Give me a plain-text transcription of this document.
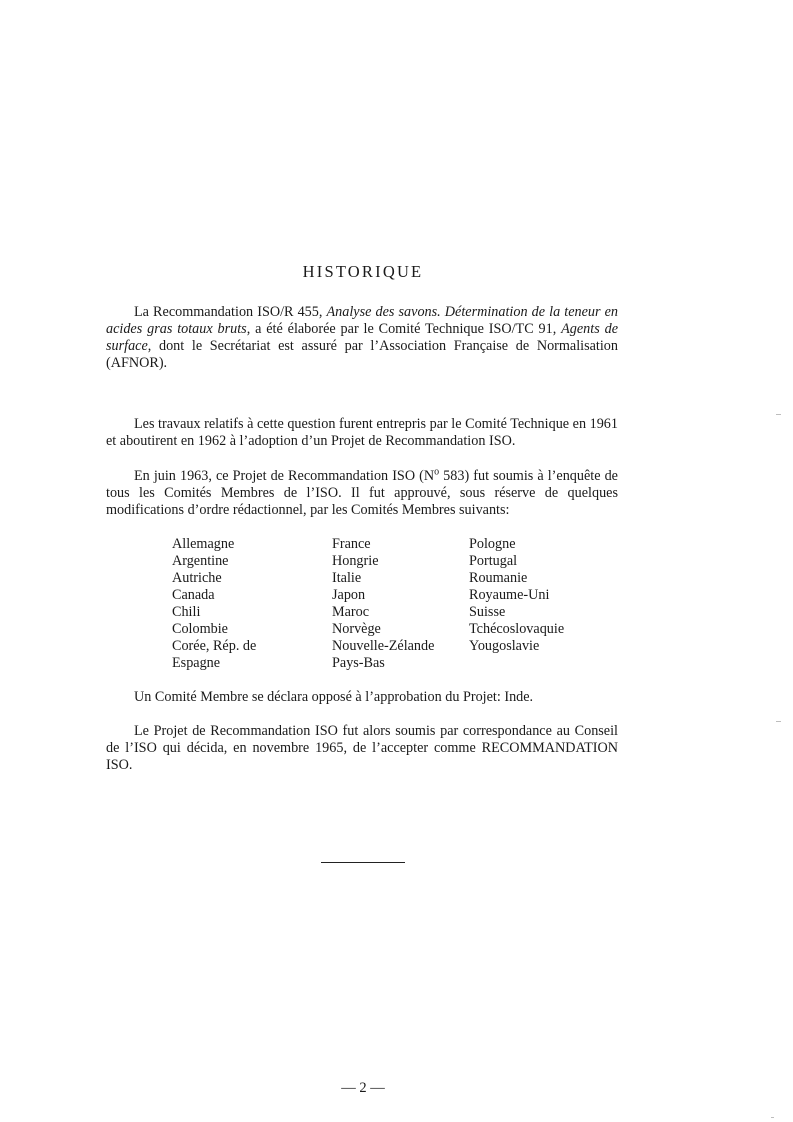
HISTORIQUE

La Recommandation ISO/R 455, Analyse des savons. Détermination de la teneur en acides gras totaux bruts, a été élaborée par le Comité Technique ISO/TC 91, Agents de surface, dont le Secrétariat est assuré par l’Association Française de Normalisation (AFNOR).

Les travaux relatifs à cette question furent entrepris par le Comité Technique en 1961 et aboutirent en 1962 à l’adoption d’un Projet de Recommandation ISO.

En juin 1963, ce Projet de Recommandation ISO ($N^o$ 583) fut soumis à l’enquête de tous les Comités Membres de l’ISO. Il fut approuvé, sous réserve de quelques modifications d’ordre rédactionnel, par les Comités Membres suivants:

Allemagne
Argentine
Autriche
Canada
Chili
Colombie
Corée, Rép. de
Espagne
France
Hongrie
Italie
Japon
Maroc
Norvège
Nouvelle-Zélande
Pays-Bas
Pologne
Portugal
Roumanie
Royaume-Uni
Suisse
Tchécoslovaquie
Yougoslavie

Un Comité Membre se déclara opposé à l’approbation du Projet: Inde.

Le Projet de Recommandation ISO fut alors soumis par correspondance au Conseil de l’ISO qui décida, en novembre 1965, de l’accepter comme RECOMMANDATION ISO.

— 2 —
